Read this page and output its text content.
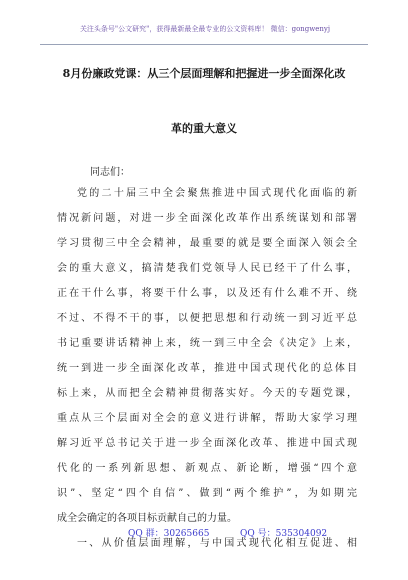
关注头条号"公文研究"，获得最新最全最专业的公文资料库！ 微信：gongwenyj
8月份廉政党课：从三个层面理解和把握进一步全面深化改
革的重大意义
同志们：
党的二十届三中全会聚焦推进中国式现代化面临的新
情况新问题，对进一步全面深化改革作出系统谋划和部署
学习贯彻三中全会精神，最重要的就是要全面深入领会全
会的重大意义，搞清楚我们党领导人民已经干了什么事，
正在干什么事，将要干什么事，以及还有什么难不开、绕
不过、不得不干的事，以便把思想和行动统一到习近平总
书记重要讲话精神上来，统一到三中全会《决定》上来，
统一到进一步全面深化改革，推进中国式现代化的总体目
标上来，从而把全会精神贯彻落实好。今天的专题党课，
重点从三个层面对全会的意义进行讲解，帮助大家学习理
解习近平总书记关于进一步全面深化改革、推进中国式现
代化的一系列新思想、新观点、新论断，增强“四个意
识”、坚定“四个自信”、做到“两个维护”，为如期完
成全会确定的各项目标贡献自己的力量。
一、从价值层面理解，与中国式现代化相互促进、相
QQ 群：30265665	QQ 号：535304092
